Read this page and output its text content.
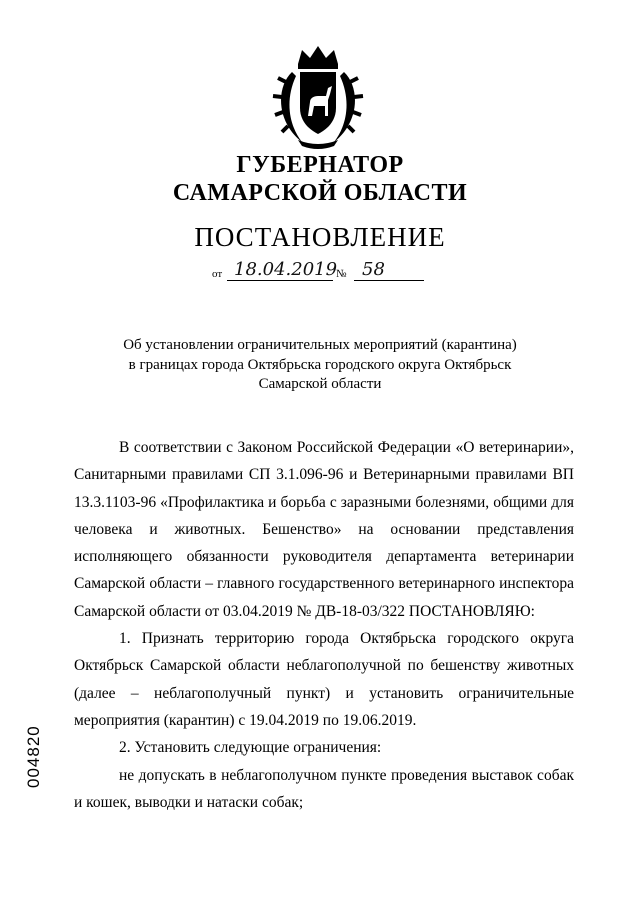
ГУБЕРНАТОР
САМАРСКОЙ ОБЛАСТИ
ПОСТАНОВЛЕНИЕ
от 18.04.2019
№ 58
Об установлении ограничительных мероприятий (карантина)
в границах города Октябрьска городского округа Октябрьск
Самарской области

В соответствии с Законом Российской Федерации «О ветеринарии», Санитарными правилами СП 3.1.096-96 и Ветеринарными правилами ВП 13.3.1103-96 «Профилактика и борьба с заразными болезнями, общими для человека и животных. Бешенство» на основании представления исполняющего обязанности руководителя департамента ветеринарии Самарской области – главного государственного ветеринарного инспектора Самарской области от 03.04.2019 № ДВ-18-03/322 ПОСТАНОВЛЯЮ:

1. Признать территорию города Октябрьска городского округа Октябрьск Самарской области неблагополучной по бешенству животных (далее – неблагополучный пункт) и установить ограничительные мероприятия (карантин) с 19.04.2019 по 19.06.2019.

2. Установить следующие ограничения:

не допускать в неблагополучном пункте проведения выставок собак и кошек, выводки и натаски собак;

004820
